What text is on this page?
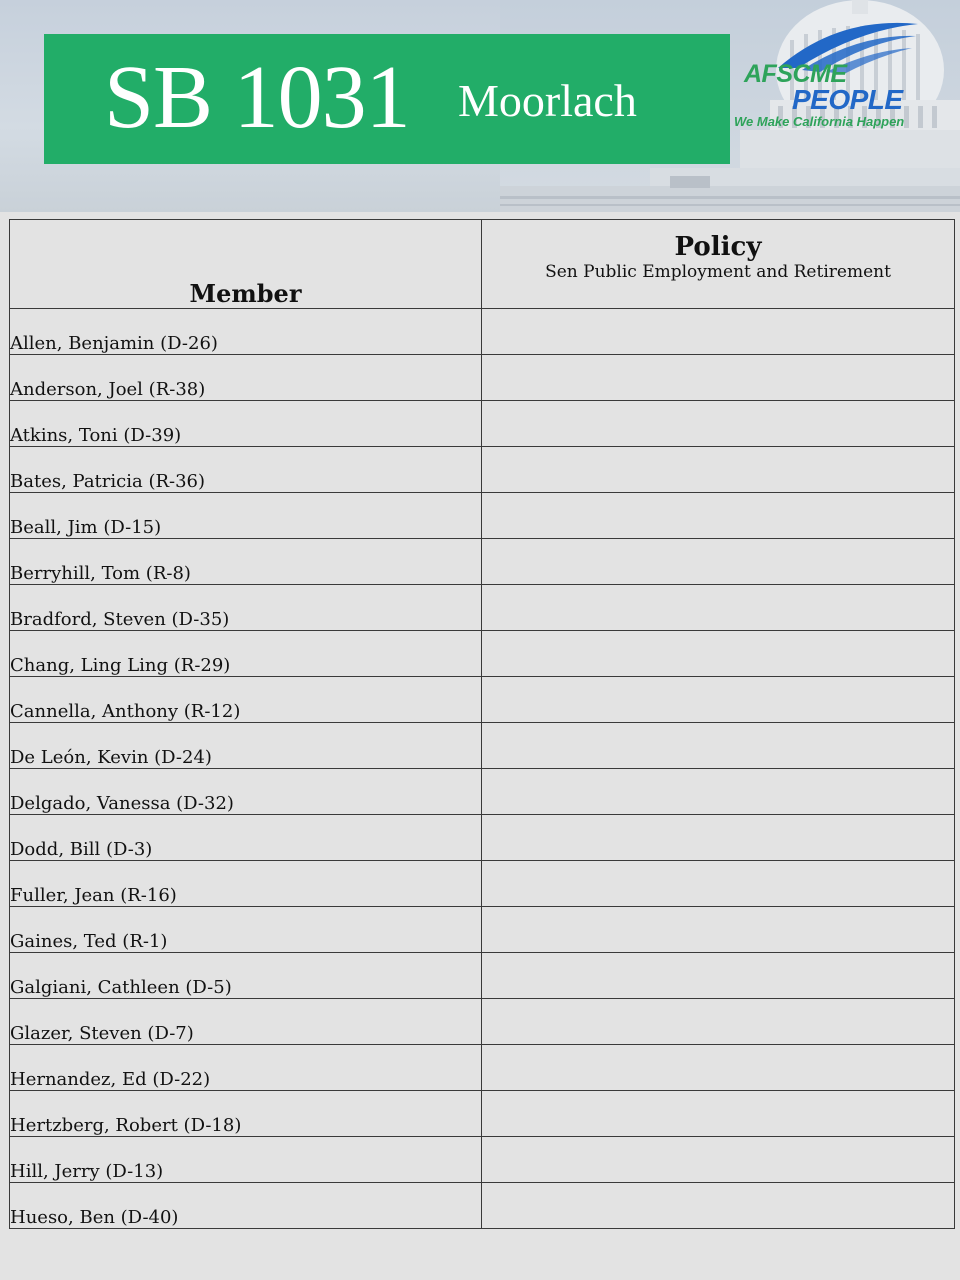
SB 1031 Moorlach
AFSCME
PEOPLE
We Make California Happen
Member	Policy
Sen Public Employment and Retirement

Allen, Benjamin (D-26)	
Anderson, Joel (R-38)	
Atkins, Toni (D-39)	
Bates, Patricia (R-36)	
Beall, Jim (D-15)	
Berryhill, Tom (R-8)	
Bradford, Steven (D-35)	
Chang, Ling Ling (R-29)	
Cannella, Anthony (R-12)	
De León, Kevin (D-24)	
Delgado, Vanessa (D-32)	
Dodd, Bill (D-3)	
Fuller, Jean (R-16)	
Gaines, Ted (R-1)	
Galgiani, Cathleen (D-5)	
Glazer, Steven (D-7)	
Hernandez, Ed (D-22)	
Hertzberg, Robert (D-18)	
Hill, Jerry (D-13)	
Hueso, Ben (D-40)	
